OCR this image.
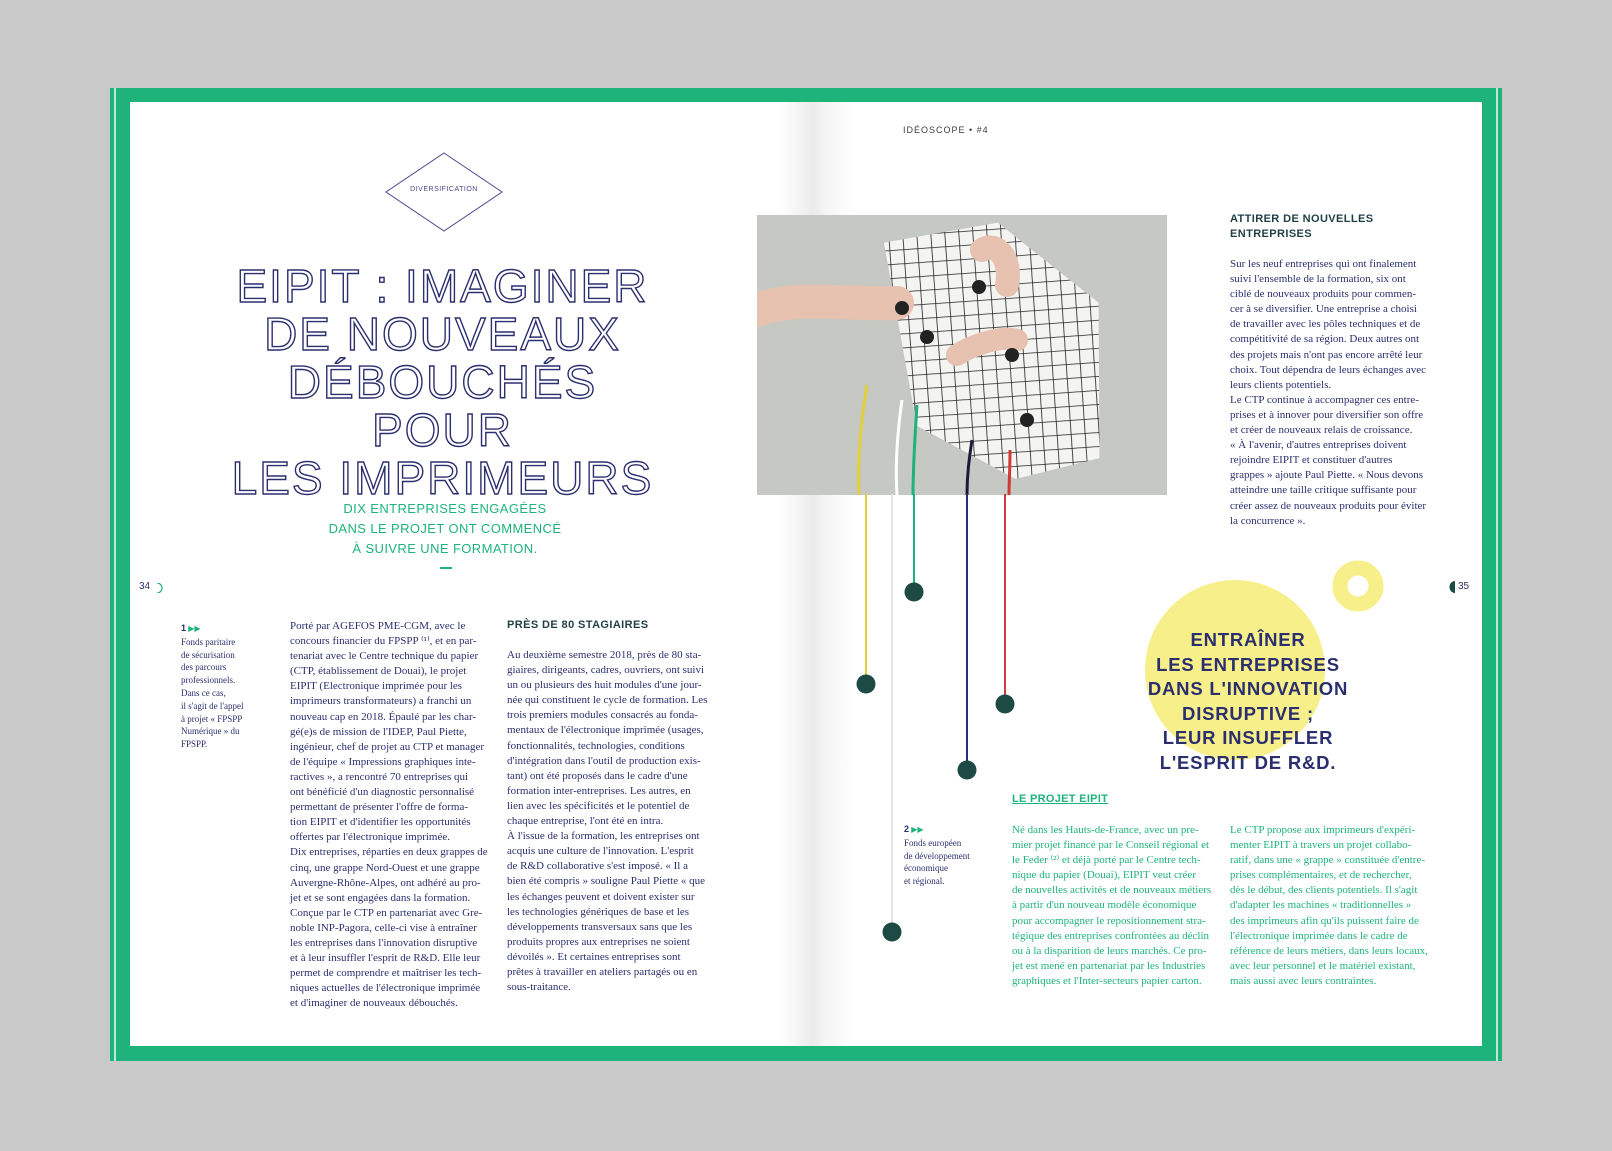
DIVERSIFICATION
EIPIT : IMAGINER
DE NOUVEAUX
DÉBOUCHÉS POUR
LES IMPRIMEURS
DIX ENTREPRISES ENGAGÉES
DANS LE PROJET ONT COMMENCÉ
À SUIVRE UNE FORMATION.
34
1 ▶▶
Fonds paritaire
de sécurisation
des parcours
professionnels.
Dans ce cas,
il s'agit de l'appel
à projet « FPSPP
Numérique » du
FPSPP.

Porté par AGEFOS PME-CGM, avec le

concours financier du FPSPP ⁽¹⁾, et en par-

tenariat avec le Centre technique du papier

(CTP, établissement de Douai), le projet

EIPIT (Electronique imprimée pour les

imprimeurs transformateurs) a franchi un

nouveau cap en 2018. Épaulé par les char-

gé(e)s de mission de l'IDEP, Paul Piette,

ingénieur, chef de projet au CTP et manager

de l'équipe « Impressions graphiques inte-

ractives », a rencontré 70 entreprises qui

ont bénéficié d'un diagnostic personnalisé

permettant de présenter l'offre de forma-

tion EIPIT et d'identifier les opportunités

offertes par l'électronique imprimée.

Dix entreprises, réparties en deux grappes de

cinq, une grappe Nord-Ouest et une grappe

Auvergne-Rhône-Alpes, ont adhéré au pro-

jet et se sont engagées dans la formation.

Conçue par le CTP en partenariat avec Gre-

noble INP-Pagora, celle-ci vise à entraîner

les entreprises dans l'innovation disruptive

et à leur insuffler l'esprit de R&D. Elle leur

permet de comprendre et maîtriser les tech-

niques actuelles de l'électronique imprimée

et d'imaginer de nouveaux débouchés.

PRÈS DE 80 STAGIAIRES

Au deuxième semestre 2018, près de 80 sta-

giaires, dirigeants, cadres, ouvriers, ont suivi

un ou plusieurs des huit modules d'une jour-

née qui constituent le cycle de formation. Les

trois premiers modules consacrés au fonda-

mentaux de l'électronique imprimée (usages,

fonctionnalités, technologies, conditions

d'intégration dans l'outil de production exis-

tant) ont été proposés dans le cadre d'une

formation inter-entreprises. Les autres, en

lien avec les spécificités et le potentiel de

chaque entreprise, l'ont été en intra.

À l'issue de la formation, les entreprises ont

acquis une culture de l'innovation. L'esprit

de R&D collaborative s'est imposé. « Il a

bien été compris » souligne Paul Piette « que

les échanges peuvent et doivent exister sur

les technologies génériques de base et les

développements transversaux sans que les

produits propres aux entreprises ne soient

dévoilés ». Et certaines entreprises sont

prêtes à travailler en ateliers partagés ou en

sous-traitance.

IDÉOSCOPE • #4
ATTIRER DE NOUVELLES
ENTREPRISES

Sur les neuf entreprises qui ont finalement

suivi l'ensemble de la formation, six ont

ciblé de nouveaux produits pour commen-

cer à se diversifier. Une entreprise a choisi

de travailler avec les pôles techniques et de

compétitivité de sa région. Deux autres ont

des projets mais n'ont pas encore arrêté leur

choix. Tout dépendra de leurs échanges avec

leurs clients potentiels.

Le CTP continue à accompagner ces entre-

prises et à innover pour diversifier son offre

et créer de nouveaux relais de croissance.

« À l'avenir, d'autres entreprises doivent

rejoindre EIPIT et constituer d'autres

grappes » ajoute Paul Piette. « Nous devons

atteindre une taille critique suffisante pour

créer assez de nouveaux produits pour éviter

la concurrence ».

ENTRAÎNER
LES ENTREPRISES
DANS L'INNOVATION
DISRUPTIVE ;
LEUR INSUFFLER
L'ESPRIT DE R&D.
35
2 ▶▶
Fonds européen
de développement
économique
et régional.
LE PROJET EIPIT

Né dans les Hauts-de-France, avec un pre-

mier projet financé par le Conseil régional et

le Feder ⁽²⁾ et déjà porté par le Centre tech-

nique du papier (Douai), EIPIT veut créer

de nouvelles activités et de nouveaux métiers

à partir d'un nouveau modèle économique

pour accompagner le repositionnement stra-

tégique des entreprises confrontées au déclin

ou à la disparition de leurs marchés. Ce pro-

jet est mené en partenariat par les Industries

graphiques et l'Inter-secteurs papier carton.

Le CTP propose aux imprimeurs d'expéri-

menter EIPIT à travers un projet collabo-

ratif, dans une « grappe » constituée d'entre-

prises complémentaires, et de rechercher,

dès le début, des clients potentiels. Il s'agit

d'adapter les machines « traditionnelles »

des imprimeurs afin qu'ils puissent faire de

l'électronique imprimée dans le cadre de

référence de leurs métiers, dans leurs locaux,

avec leur personnel et le matériel existant,

mais aussi avec leurs contraintes.
